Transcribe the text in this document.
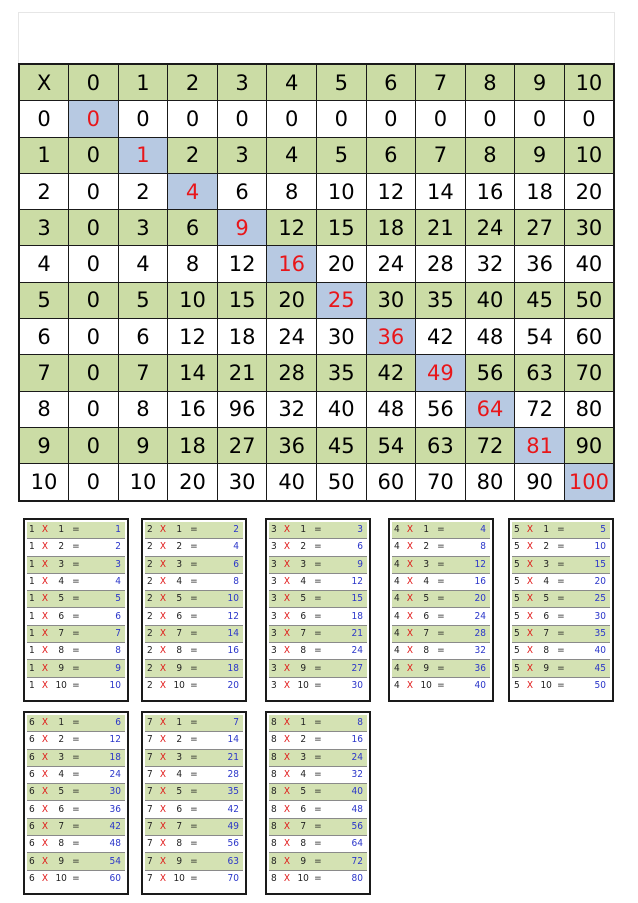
X	0	1	2	3	4	5	6	7	8	9	10
0	0	0	0	0	0	0	0	0	0	0	0
1	0	1	2	3	4	5	6	7	8	9	10
2	0	2	4	6	8	10	12	14	16	18	20
3	0	3	6	9	12	15	18	21	24	27	30
4	0	4	8	12	16	20	24	28	32	36	40
5	0	5	10	15	20	25	30	35	40	45	50
6	0	6	12	18	24	30	36	42	48	54	60
7	0	7	14	21	28	35	42	49	56	63	70
8	0	8	16	96	32	40	48	56	64	72	80
9	0	9	18	27	36	45	54	63	72	81	90
10	0	10	20	30	40	50	60	70	80	90	100
1	X	1	=	1
1	X	2	=	2
1	X	3	=	3
1	X	4	=	4
1	X	5	=	5
1	X	6	=	6
1	X	7	=	7
1	X	8	=	8
1	X	9	=	9
1	X	10	=	10
2	X	1	=	2
2	X	2	=	4
2	X	3	=	6
2	X	4	=	8
2	X	5	=	10
2	X	6	=	12
2	X	7	=	14
2	X	8	=	16
2	X	9	=	18
2	X	10	=	20
3	X	1	=	3
3	X	2	=	6
3	X	3	=	9
3	X	4	=	12
3	X	5	=	15
3	X	6	=	18
3	X	7	=	21
3	X	8	=	24
3	X	9	=	27
3	X	10	=	30
4	X	1	=	4
4	X	2	=	8
4	X	3	=	12
4	X	4	=	16
4	X	5	=	20
4	X	6	=	24
4	X	7	=	28
4	X	8	=	32
4	X	9	=	36
4	X	10	=	40
5	X	1	=	5
5	X	2	=	10
5	X	3	=	15
5	X	4	=	20
5	X	5	=	25
5	X	6	=	30
5	X	7	=	35
5	X	8	=	40
5	X	9	=	45
5	X	10	=	50
6	X	1	=	6
6	X	2	=	12
6	X	3	=	18
6	X	4	=	24
6	X	5	=	30
6	X	6	=	36
6	X	7	=	42
6	X	8	=	48
6	X	9	=	54
6	X	10	=	60
7	X	1	=	7
7	X	2	=	14
7	X	3	=	21
7	X	4	=	28
7	X	5	=	35
7	X	6	=	42
7	X	7	=	49
7	X	8	=	56
7	X	9	=	63
7	X	10	=	70
8	X	1	=	8
8	X	2	=	16
8	X	3	=	24
8	X	4	=	32
8	X	5	=	40
8	X	6	=	48
8	X	7	=	56
8	X	8	=	64
8	X	9	=	72
8	X	10	=	80
